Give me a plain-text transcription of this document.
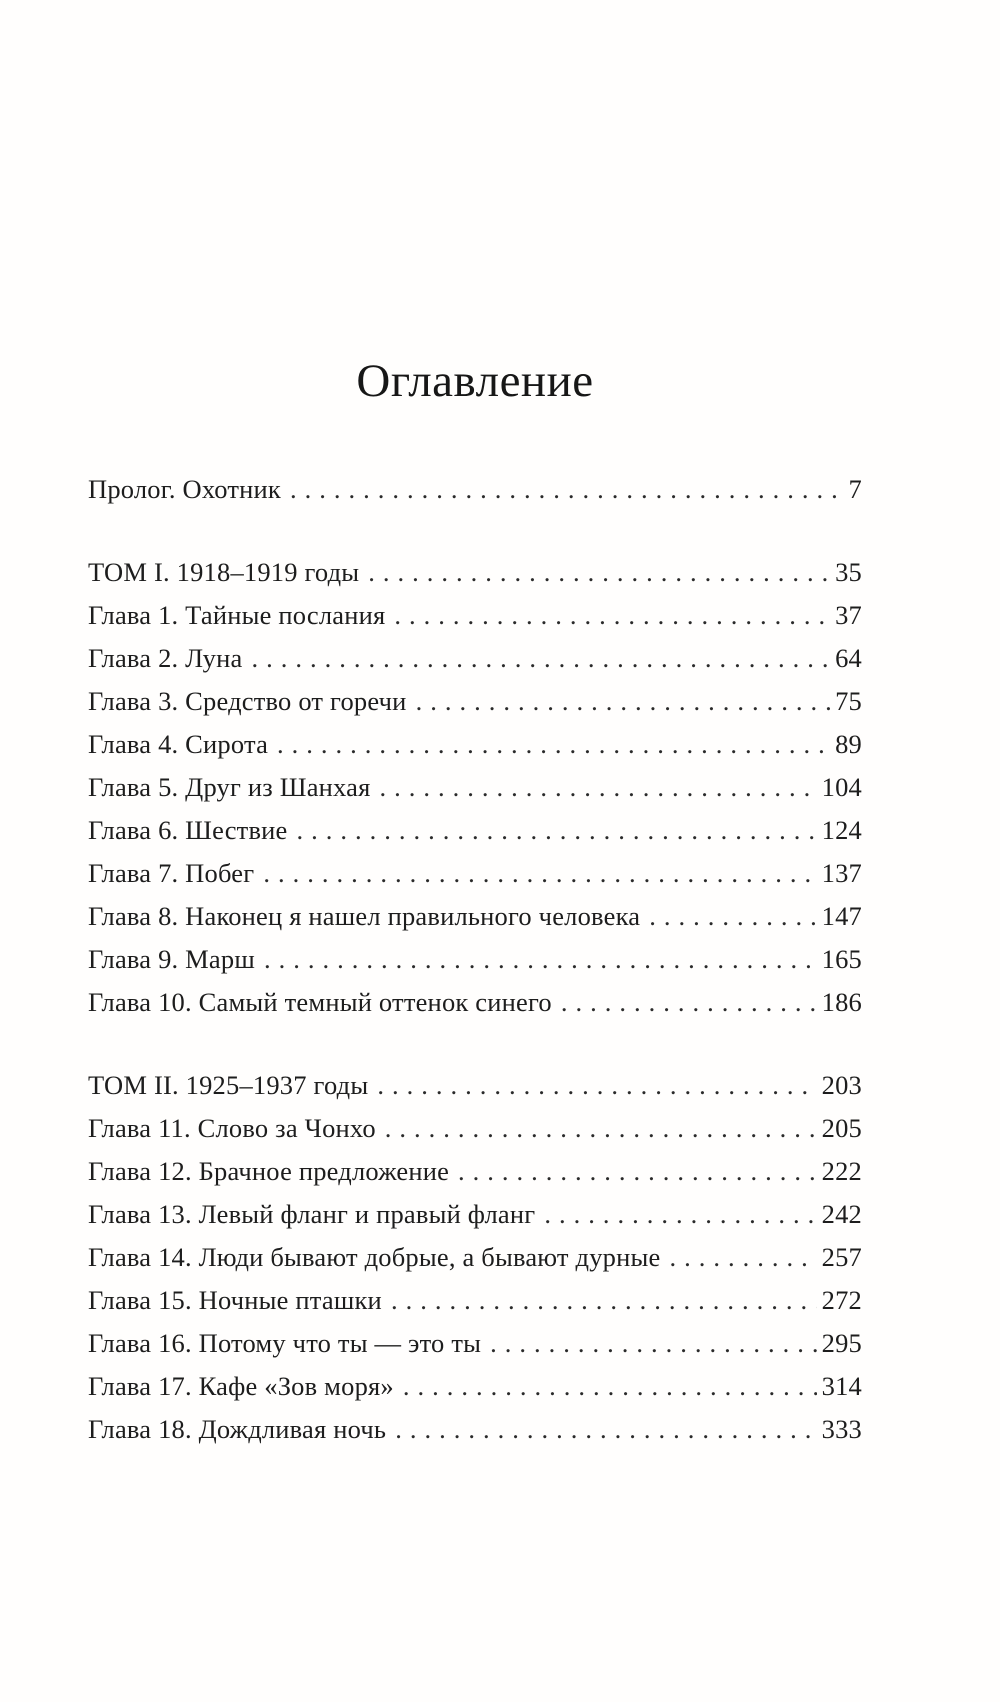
Оглавление
Пролог. Охотник .....	7
ТОМ I. 1918–1919 годы .....	35
Глава 1. Тайные послания .....	37
Глава 2. Луна .....	64
Глава 3. Средство от горечи .....	75
Глава 4. Сирота .....	89
Глава 5. Друг из Шанхая .....	104
Глава 6. Шествие .....	124
Глава 7. Побег .....	137
Глава 8. Наконец я нашел правильного человека .....	147
Глава 9. Марш .....	165
Глава 10. Самый темный оттенок синего .....	186
ТОМ II. 1925–1937 годы .....	203
Глава 11. Слово за Чонхо .....	205
Глава 12. Брачное предложение .....	222
Глава 13. Левый фланг и правый фланг .....	242
Глава 14. Люди бывают добрые, а бывают дурные .....	257
Глава 15. Ночные пташки .....	272
Глава 16. Потому что ты — это ты .....	295
Глава 17. Кафе «Зов моря» .....	314
Глава 18. Дождливая ночь .....	333
